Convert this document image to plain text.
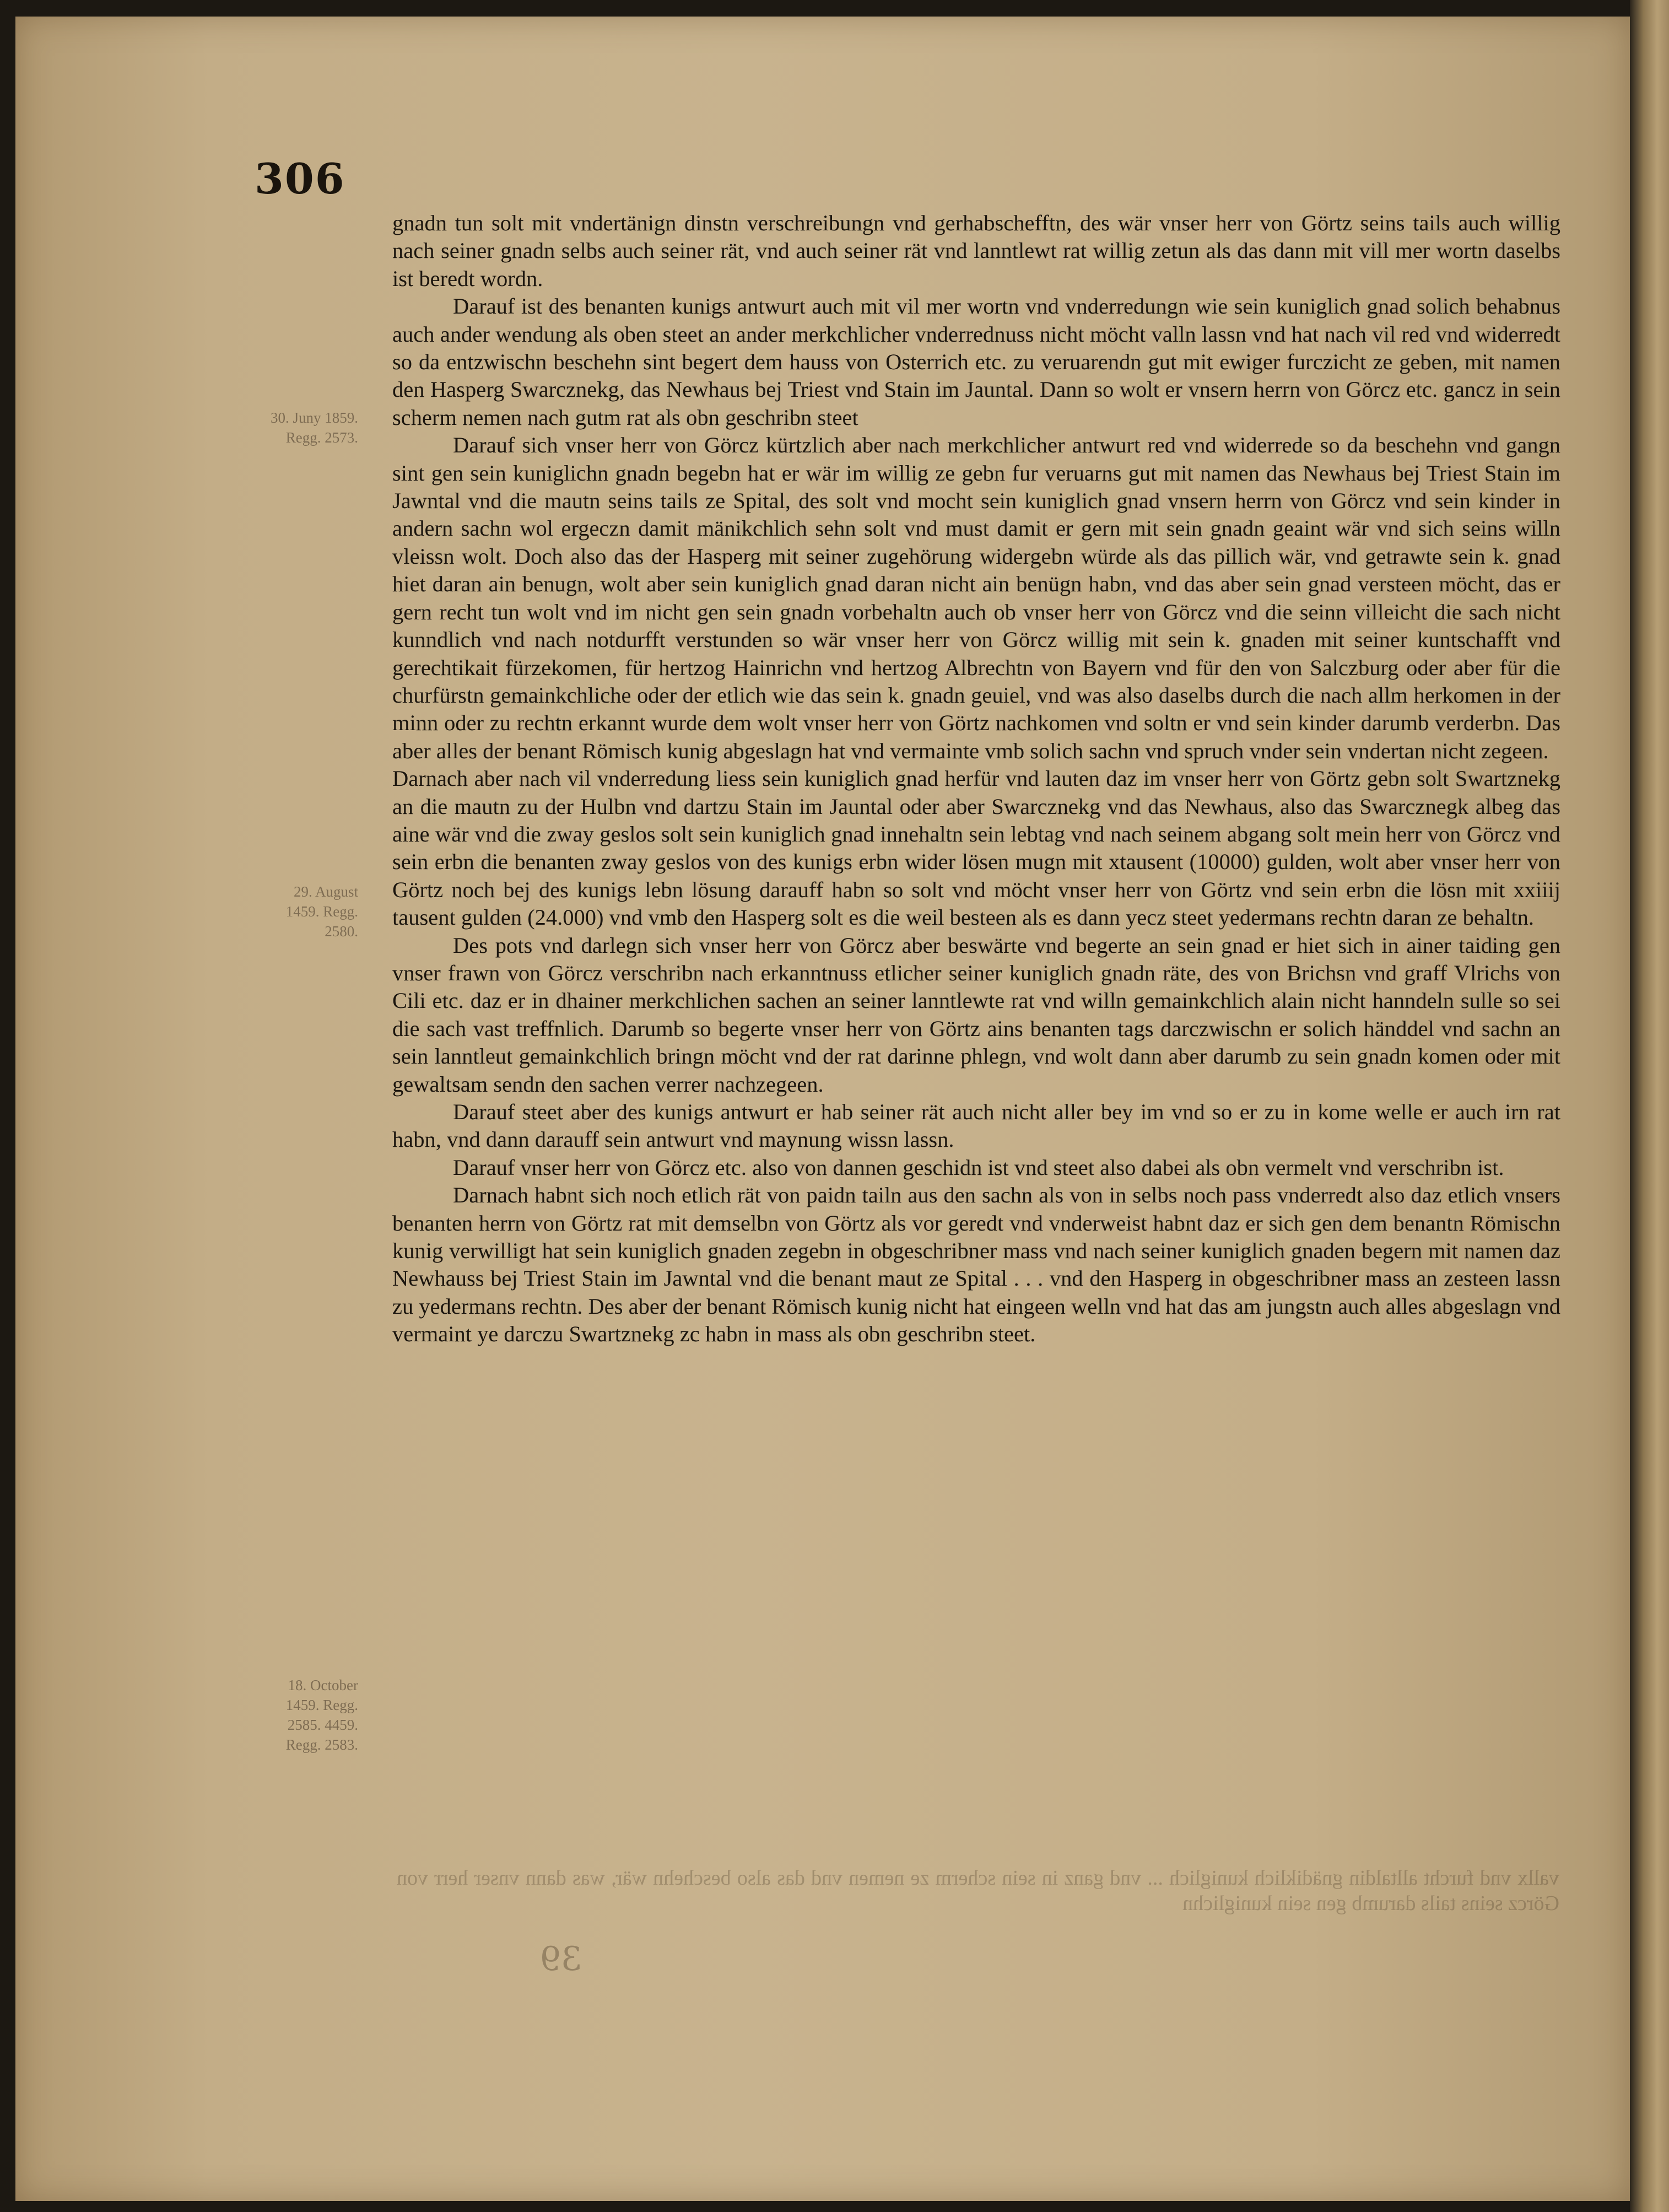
306
30. Juny 1859. Regg. 2573.
29. August 1459. Regg. 2580.
18. October 1459. Regg. 2585. 4459. Regg. 2583.

gnadn tun solt mit vndertänign dinstn verschreibungn vnd gerhabschefftn, des wär vnser herr von Görtz seins tails auch willig nach seiner gnadn selbs auch seiner rät, vnd auch seiner rät vnd lanntlewt rat willig zetun als das dann mit vill mer wortn daselbs ist beredt wordn.

Darauf ist des benanten kunigs antwurt auch mit vil mer wortn vnd vnderredungn wie sein kuniglich gnad solich behabnus auch ander wendung als oben steet an ander merkchlicher vnderrednuss nicht möcht valln lassn vnd hat nach vil red vnd widerredt so da entzwischn beschehn sint begert dem hauss von Osterrich etc. zu veruarendn gut mit ewiger furczicht ze geben, mit namen den Hasperg Swarcznekg, das Newhaus bej Triest vnd Stain im Jauntal. Dann so wolt er vnsern herrn von Görcz etc. gancz in sein scherm nemen nach gutm rat als obn geschribn steet

Darauf sich vnser herr von Görcz kürtzlich aber nach merkchlicher antwurt red vnd widerrede so da beschehn vnd gangn sint gen sein kuniglichn gnadn begebn hat er wär im willig ze gebn fur veruarns gut mit namen das Newhaus bej Triest Stain im Jawntal vnd die mautn seins tails ze Spital, des solt vnd mocht sein kuniglich gnad vnsern herrn von Görcz vnd sein kinder in andern sachn wol ergeczn damit mänikchlich sehn solt vnd must damit er gern mit sein gnadn geaint wär vnd sich seins willn vleissn wolt. Doch also das der Hasperg mit seiner zugehörung widergebn würde als das pillich wär, vnd getrawte sein k. gnad hiet daran ain benugn, wolt aber sein kuniglich gnad daran nicht ain benügn habn, vnd das aber sein gnad versteen möcht, das er gern recht tun wolt vnd im nicht gen sein gnadn vorbehaltn auch ob vnser herr von Görcz vnd die seinn villeicht die sach nicht kunndlich vnd nach notdurfft verstunden so wär vnser herr von Görcz willig mit sein k. gnaden mit seiner kuntschafft vnd gerechtikait fürzekomen, für hertzog Hainrichn vnd hertzog Albrechtn von Bayern vnd für den von Salczburg oder aber für die churfürstn gemainkchliche oder der etlich wie das sein k. gnadn geuiel, vnd was also daselbs durch die nach allm herkomen in der minn oder zu rechtn erkannt wurde dem wolt vnser herr von Görtz nachkomen vnd soltn er vnd sein kinder darumb verderbn. Das aber alles der benant Römisch kunig abgeslagn hat vnd vermainte vmb solich sachn vnd spruch vnder sein vndertan nicht zegeen.

Darnach aber nach vil vnderredung liess sein kuniglich gnad herfür vnd lauten daz im vnser herr von Görtz gebn solt Swartznekg an die mautn zu der Hulbn vnd dartzu Stain im Jauntal oder aber Swarcznekg vnd das Newhaus, also das Swarcznegk albeg das aine wär vnd die zway geslos solt sein kuniglich gnad innehaltn sein lebtag vnd nach seinem abgang solt mein herr von Görcz vnd sein erbn die benanten zway geslos von des kunigs erbn wider lösen mugn mit xtausent (10000) gulden, wolt aber vnser herr von Görtz noch bej des kunigs lebn lösung darauff habn so solt vnd möcht vnser herr von Görtz vnd sein erbn die lösn mit xxiiij tausent gulden (24.000) vnd vmb den Hasperg solt es die weil besteen als es dann yecz steet yedermans rechtn daran ze behaltn.

Des pots vnd darlegn sich vnser herr von Görcz aber beswärte vnd begerte an sein gnad er hiet sich in ainer taiding gen vnser frawn von Görcz verschribn nach erkanntnuss etlicher seiner kuniglich gnadn räte, des von Brichsn vnd graff Vlrichs von Cili etc. daz er in dhainer merkchlichen sachen an seiner lanntlewte rat vnd willn gemainkchlich alain nicht hanndeln sulle so sei die sach vast treffnlich. Darumb so begerte vnser herr von Görtz ains benanten tags darczwischn er solich händdel vnd sachn an sein lanntleut gemainkchlich bringn möcht vnd der rat darinne phlegn, vnd wolt dann aber darumb zu sein gnadn komen oder mit gewaltsam sendn den sachen verrer nachzegeen.

Darauf steet aber des kunigs antwurt er hab seiner rät auch nicht aller bey im vnd so er zu in kome welle er auch irn rat habn, vnd dann darauff sein antwurt vnd maynung wissn lassn.

Darauf vnser herr von Görcz etc. also von dannen geschidn ist vnd steet also dabei als obn vermelt vnd verschribn ist.

Darnach habnt sich noch etlich rät von paidn tailn aus den sachn als von in selbs noch pass vnderredt also daz etlich vnsers benanten herrn von Görtz rat mit demselbn von Görtz als vor geredt vnd vnderweist habnt daz er sich gen dem benantn Römischn kunig verwilligt hat sein kuniglich gnaden zegebn in obgeschribner mass vnd nach seiner kuniglich gnaden begern mit namen daz Newhauss bej Triest Stain im Jawntal vnd die benant maut ze Spital . . . vnd den Hasperg in obgeschribner mass an zesteen lassn zu yedermans rechtn. Des aber der benant Römisch kunig nicht hat eingeen welln vnd hat das am jungstn auch alles abgeslagn vnd vermaint ye darczu Swartznekg zc habn in mass als obn geschribn steet.

vallx vnd furcht alltaldin gnädiklich kuniglich ... vnd ganz in sein scherm ze nemen vnd das also beschehn wär, was dann vnser herr von Görcz seins tails darumb gen sein kuniglichn
39
